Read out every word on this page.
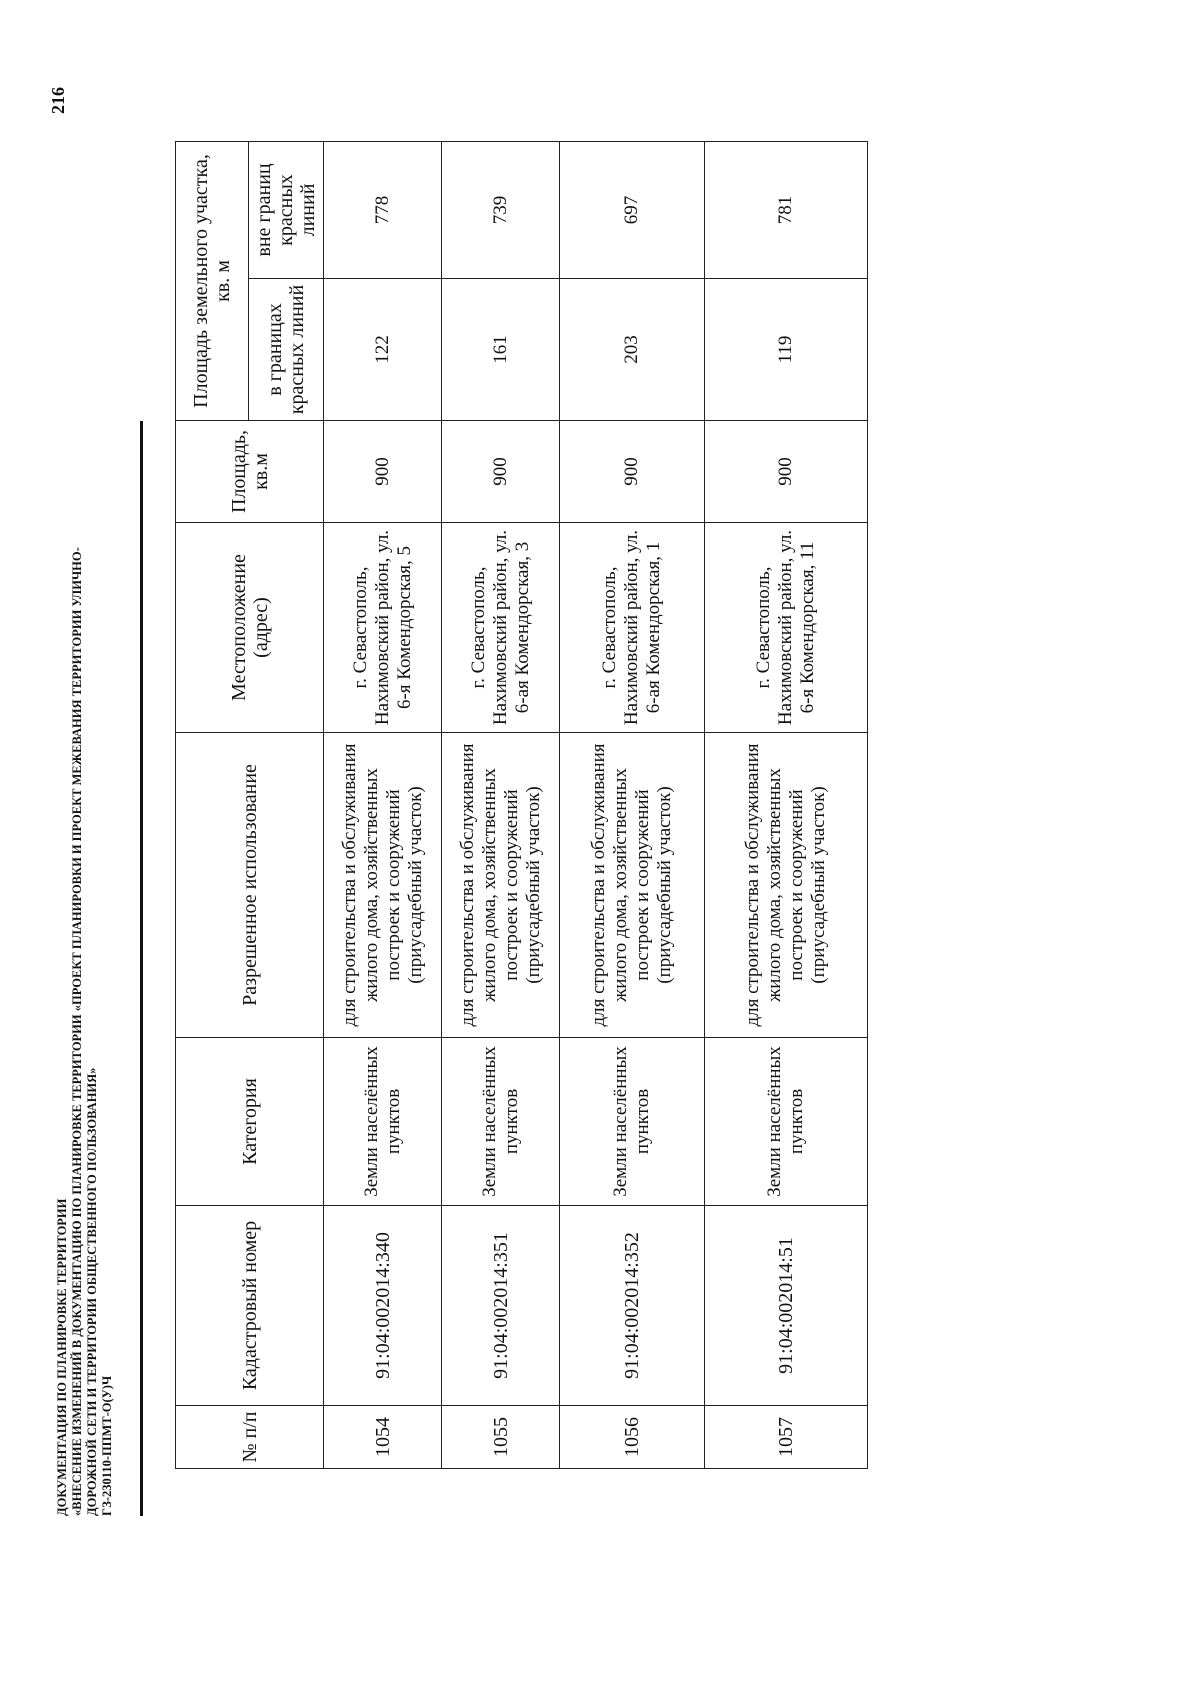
ДОКУМЕНТАЦИЯ ПО ПЛАНИРОВКЕ ТЕРРИТОРИИ «ВНЕСЕНИЕ ИЗМЕНЕНИЙ В ДОКУМЕНТАЦИЮ ПО ПЛАНИРОВКЕ ТЕРРИТОРИИ «ПРОЕКТ ПЛАНИРОВКИ И ПРОЕКТ МЕЖЕВАНИЯ ТЕРРИТОРИИ УЛИЧНО- ДОРОЖНОЙ СЕТИ И ТЕРРИТОРИИ ОБЩЕСТВЕННОГО ПОЛЬЗОВАНИЯ» ГЗ-230110-ППМТ-О(У)Ч
216
№ п/п	Кадастровый номер	Категория	Разрешенное использование	Местоположение (адрес)	Площадь, кв.м	Площадь земельного участка, кв. м	
						в границах красных линий	вне границ красных линий
1054	91:04:002014:340	Земли населённых пунктов	для строительства и обслуживания жилого дома, хозяйственных построек и сооружений (приусадебный участок)	г. Севастополь, Нахимовский район, ул. 6-я Комендорская, 5	900	122	778
1055	91:04:002014:351	Земли населённых пунктов	для строительства и обслуживания жилого дома, хозяйственных построек и сооружений (приусадебный участок)	г. Севастополь, Нахимовский район, ул. 6-ая Комендорская, 3	900	161	739
1056	91:04:002014:352	Земли населённых пунктов	для строительства и обслуживания жилого дома, хозяйственных построек и сооружений (приусадебный участок)	г. Севастополь, Нахимовский район, ул. 6-ая Комендорская, 1	900	203	697
1057	91:04:002014:51	Земли населённых пунктов	для строительства и обслуживания жилого дома, хозяйственных построек и сооружений (приусадебный участок)	г. Севастополь, Нахимовский район, ул. 6-я Комендорская, 11	900	119	781
